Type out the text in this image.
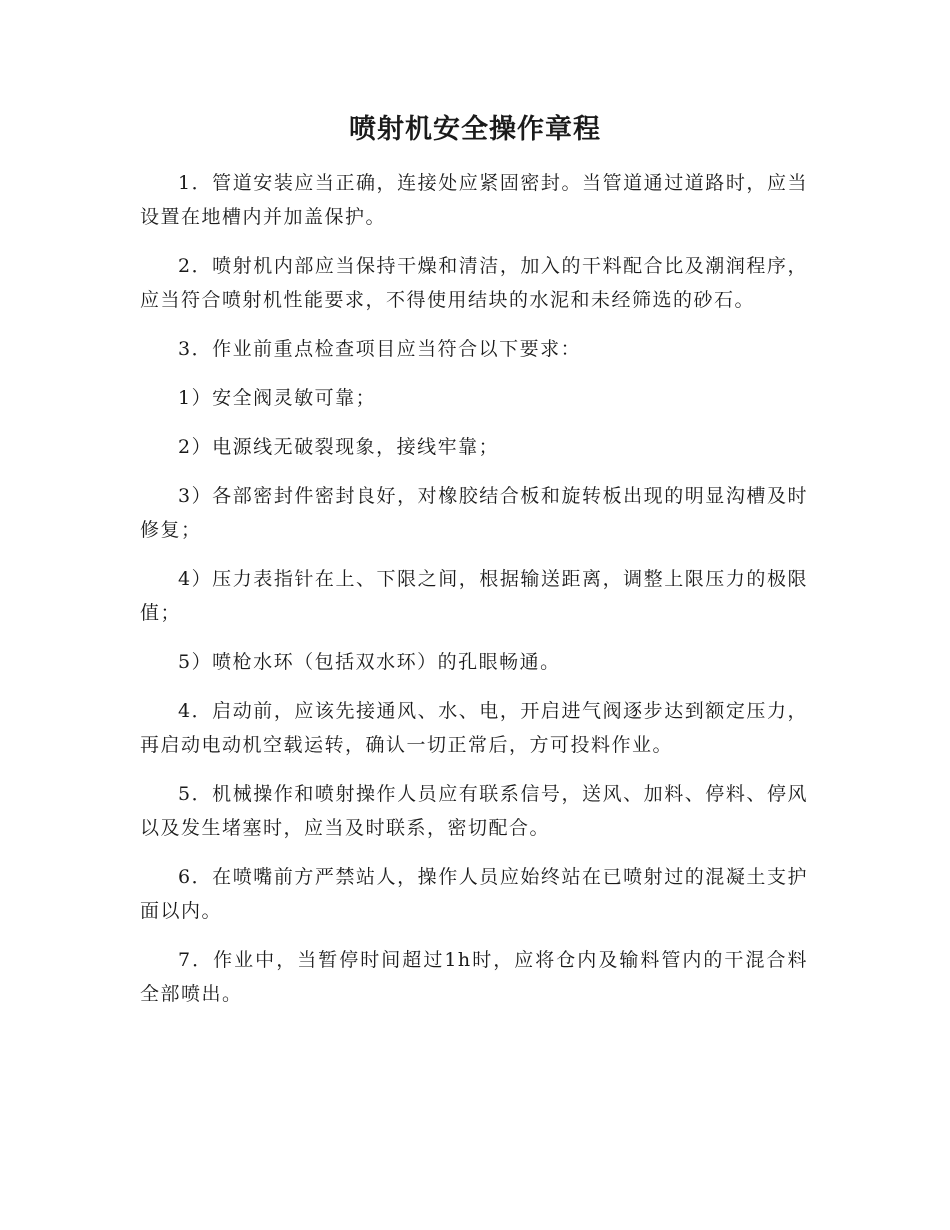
喷射机安全操作章程

1．管道安装应当正确，连接处应紧固密封。当管道通过道路时，应当设置在地槽内并加盖保护。

2．喷射机内部应当保持干燥和清洁，加入的干料配合比及潮润程序，应当符合喷射机性能要求，不得使用结块的水泥和未经筛选的砂石。

3．作业前重点检查项目应当符合以下要求：

1）安全阀灵敏可靠；

2）电源线无破裂现象，接线牢靠；

3）各部密封件密封良好，对橡胶结合板和旋转板出现的明显沟槽及时修复；

4）压力表指针在上、下限之间，根据输送距离，调整上限压力的极限值；

5）喷枪水环（包括双水环）的孔眼畅通。

4．启动前，应该先接通风、水、电，开启进气阀逐步达到额定压力，再启动电动机空载运转，确认一切正常后，方可投料作业。

5．机械操作和喷射操作人员应有联系信号，送风、加料、停料、停风以及发生堵塞时，应当及时联系，密切配合。

6．在喷嘴前方严禁站人，操作人员应始终站在已喷射过的混凝土支护面以内。

7．作业中，当暂停时间超过1h时，应将仓内及输料管内的干混合料全部喷出。
